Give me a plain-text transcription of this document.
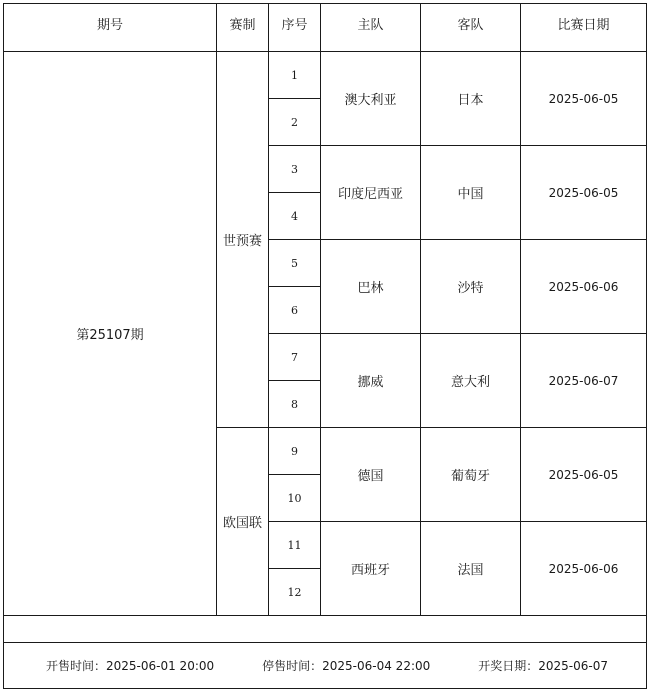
期号	赛制	序号	主队	客队	比赛日期
第25107期	世预赛	1	澳大利亚	日本	2025-06-05
		2			
		3	印度尼西亚	中国	2025-06-05
		4			
		5	巴林	沙特	2025-06-06
		6			
		7	挪威	意大利	2025-06-07
		8			
	欧国联	9	德国	葡萄牙	2025-06-05
		10			
		11	西班牙	法国	2025-06-06
		12			

开售时间：2025-06-01 20:00 停售时间：2025-06-04 22:00 开奖日期：2025-06-07					
